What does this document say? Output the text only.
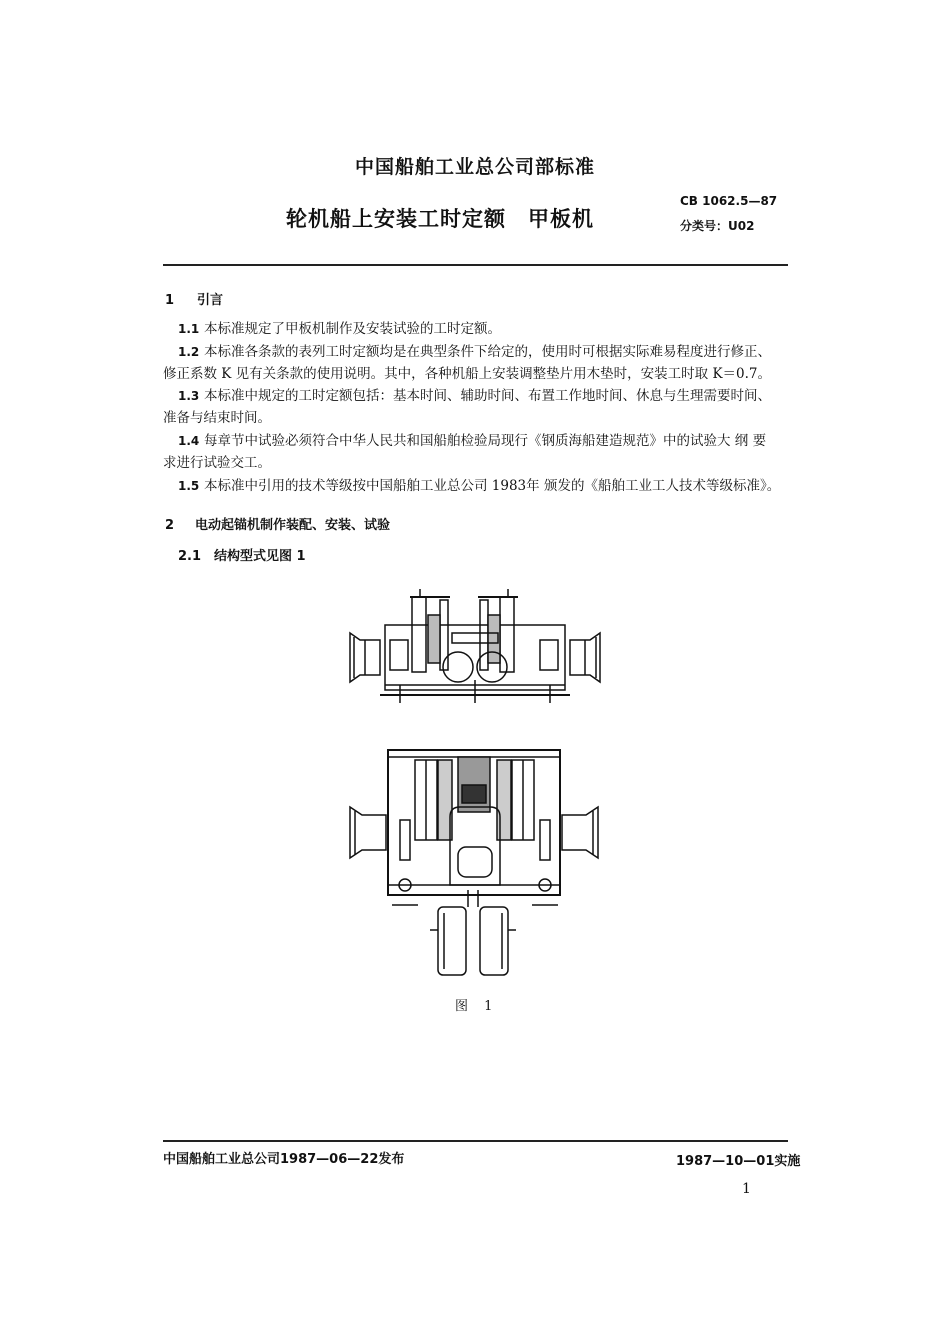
中国船舶工业总公司部标准
轮机船上安装工时定额　甲板机
CB 1062.5—87
分类号：U02
1 引言
1.1 本标准规定了甲板机制作及安装试验的工时定额。
1.2 本标准各条款的表列工时定额均是在典型条件下给定的，使用时可根据实际难易程度进行修正、
修正系数 K 见有关条款的使用说明。其中，各种机船上安装调整垫片用木垫时，安装工时取 K＝0.7。
1.3 本标准中规定的工时定额包括：基本时间、辅助时间、布置工作地时间、休息与生理需要时间、
准备与结束时间。
1.4 每章节中试验必须符合中华人民共和国船舶检验局现行《钢质海船建造规范》中的试验大 纲 要
求进行试验交工。
1.5 本标准中引用的技术等级按中国船舶工业总公司 1983年 颁发的《船舶工业工人技术等级标准》。
2 电动起锚机制作装配、安装、试验
2.1 结构型式见图 1
图 1
中国船舶工业总公司1987—06—22发布	1987—10—01实施
1
